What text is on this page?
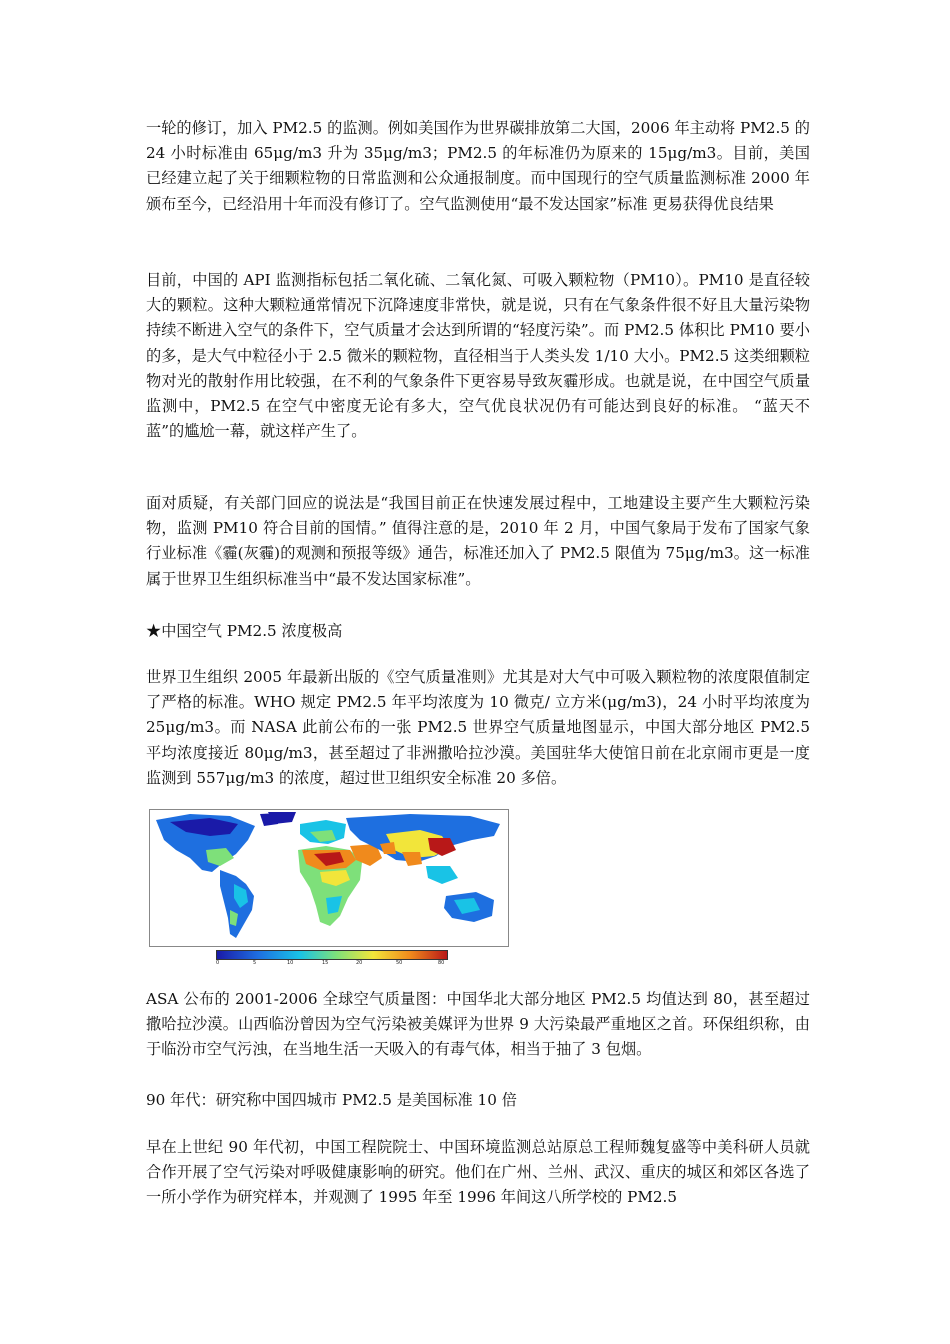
一轮的修订，加入 PM2.5 的监测。例如美国作为世界碳排放第二大国，2006 年主动将 PM2.5 的 24 小时标准由 65μg/m3 升为 35μg/m3；PM2.5 的年标准仍为原来的 15μg/m3。目前，美国已经建立起了关于细颗粒物的日常监测和公众通报制度。而中国现行的空气质量监测标准 2000 年颁布至今，已经沿用十年而没有修订了。空气监测使用“最不发达国家”标准 更易获得优良结果

目前，中国的 API 监测指标包括二氧化硫、二氧化氮、可吸入颗粒物（PM10）。PM10 是直径较大的颗粒。这种大颗粒通常情况下沉降速度非常快，就是说，只有在气象条件很不好且大量污染物持续不断进入空气的条件下，空气质量才会达到所谓的“轻度污染”。而 PM2.5 体积比 PM10 要小的多，是大气中粒径小于 2.5 微米的颗粒物，直径相当于人类头发 1/10 大小。PM2.5 这类细颗粒物对光的散射作用比较强，在不利的气象条件下更容易导致灰霾形成。也就是说，在中国空气质量监测中，PM2.5 在空气中密度无论有多大，空气优良状况仍有可能达到良好的标准。 “蓝天不蓝”的尴尬一幕，就这样产生了。

面对质疑，有关部门回应的说法是“我国目前正在快速发展过程中，工地建设主要产生大颗粒污染物，监测 PM10 符合目前的国情。” 值得注意的是，2010 年 2 月，中国气象局于发布了国家气象行业标准《霾(灰霾)的观测和预报等级》通告，标准还加入了 PM2.5 限值为 75μg/m3。这一标准属于世界卫生组织标准当中“最不发达国家标准”。

★中国空气 PM2.5 浓度极高

世界卫生组织 2005 年最新出版的《空气质量准则》尤其是对大气中可吸入颗粒物的浓度限值制定了严格的标准。WHO 规定 PM2.5 年平均浓度为 10 微克/ 立方米(μg/m3)，24 小时平均浓度为 25μg/m3。而 NASA 此前公布的一张 PM2.5 世界空气质量地图显示，中国大部分地区 PM2.5 平均浓度接近 80μg/m3，甚至超过了非洲撒哈拉沙漠。美国驻华大使馆日前在北京闹市更是一度监测到 557μg/m3 的浓度，超过世卫组织安全标准 20 多倍。

0	5	10	15	20	50	80

ASA 公布的 2001-2006 全球空气质量图：中国华北大部分地区 PM2.5 均值达到 80，甚至超过撒哈拉沙漠。山西临汾曾因为空气污染被美媒评为世界 9 大污染最严重地区之首。环保组织称，由于临汾市空气污浊，在当地生活一天吸入的有毒气体，相当于抽了 3 包烟。

90 年代：研究称中国四城市 PM2.5 是美国标准 10 倍

早在上世纪 90 年代初，中国工程院院士、中国环境监测总站原总工程师魏复盛等中美科研人员就合作开展了空气污染对呼吸健康影响的研究。他们在广州、兰州、武汉、重庆的城区和郊区各选了一所小学作为研究样本，并观测了 1995 年至 1996 年间这八所学校的 PM2.5
